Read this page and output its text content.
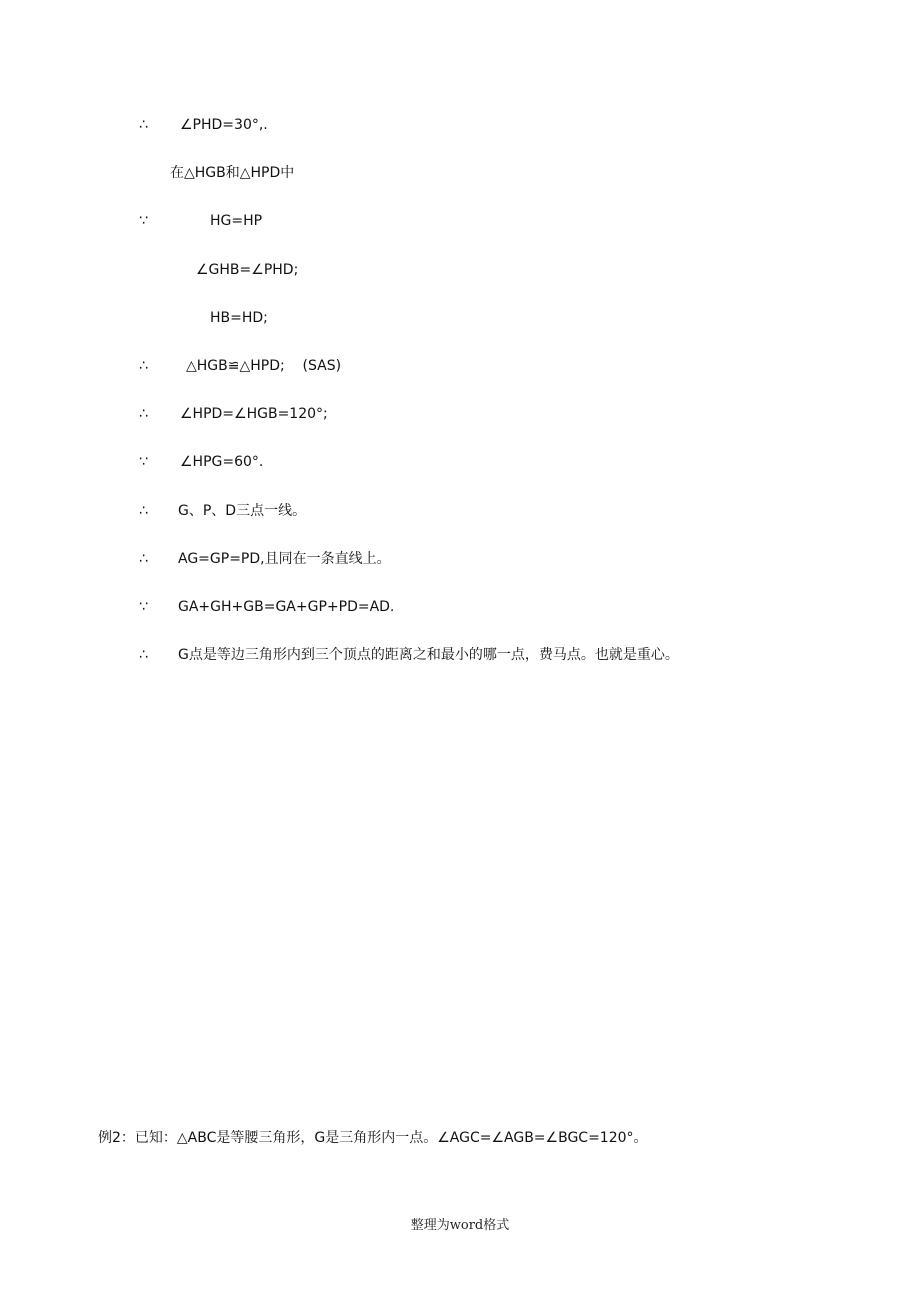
∴ ∠PHD=30°,.
在△HGB和△HPD中
∵	HG=HP
∠GHB=∠PHD;
HB=HD;
∴	△HGB≌△HPD;    (SAS)
∴ ∠HPD=∠HGB=120°;
∵ ∠HPG=60°.
∴ G、P、D三点一线。
∴ AG=GP=PD,且同在一条直线上。
∵ GA+GH+GB=GA+GP+PD=AD.
∴ G点是等边三角形内到三个顶点的距离之和最小的哪一点，费马点。也就是重心。
例2：已知：△ABC是等腰三角形，G是三角形内一点。∠AGC=∠AGB=∠BGC=120°。
整理为word格式
